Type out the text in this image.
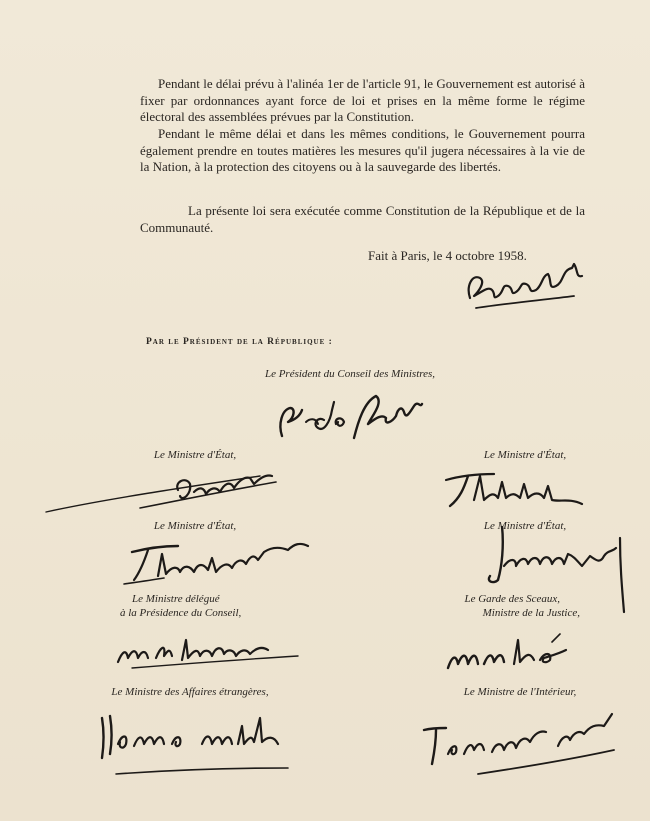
Pendant le délai prévu à l'alinéa 1er de l'article 91, le Gouvernement est autorisé à fixer par ordonnances ayant force de loi et prises en la même forme le régime électoral des assemblées prévues par la Constitution.

Pendant le même délai et dans les mêmes conditions, le Gouvernement pourra également prendre en toutes matières les mesures qu'il jugera nécessaires à la vie de la Nation, à la protection des citoyens ou à la sauvegarde des libertés.

La présente loi sera exécutée comme Constitution de la République et de la Communauté.

Fait à Paris, le 4 octobre 1958.
Par le Président de la République :
Le Président du Conseil des Ministres,
Le Ministre d'État,	Le Ministre d'État,
Le Ministre d'État,	Le Ministre d'État,
Le Ministre délégué
à la Présidence du Conseil,
Le Garde des Sceaux,
Ministre de la Justice,
Le Ministre des Affaires étrangères,	Le Ministre de l'Intérieur,
